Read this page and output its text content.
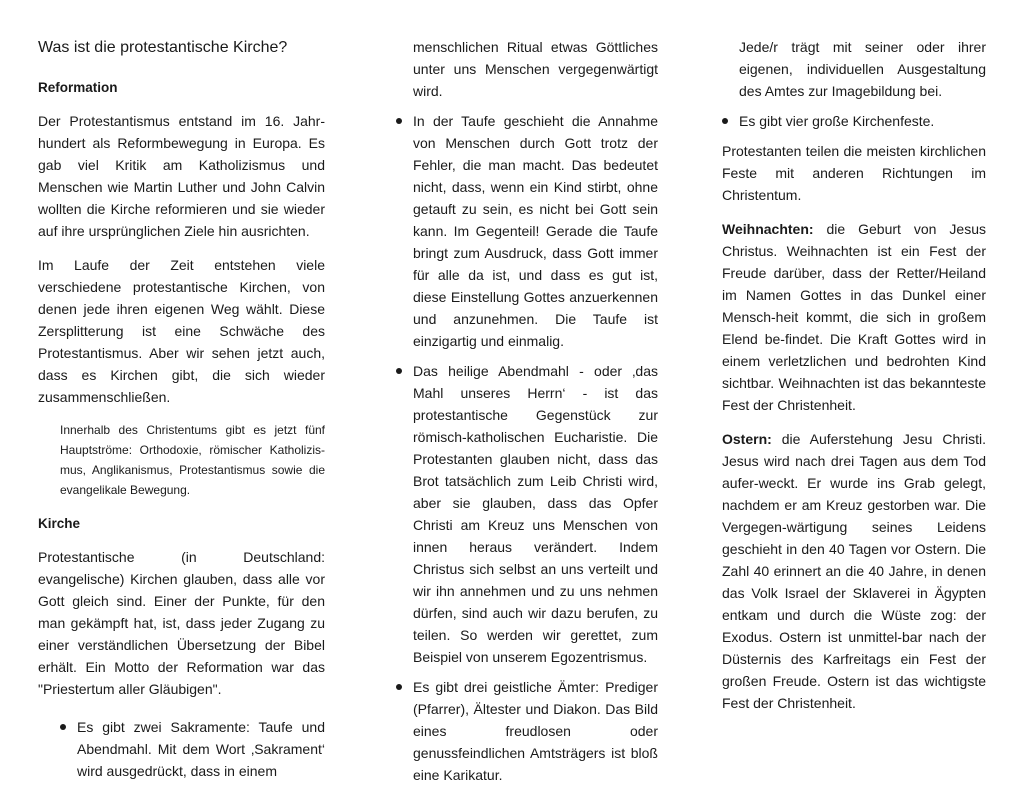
Was ist die protestantische Kirche?
Reformation

Der Protestantismus entstand im 16. Jahr-hundert als Reformbewegung in Europa. Es gab viel Kritik am Katholizismus und Menschen wie Martin Luther und John Calvin wollten die Kirche reformieren und sie wieder auf ihre ursprünglichen Ziele hin ausrichten.

Im Laufe der Zeit entstehen viele verschiedene protestantische Kirchen, von denen jede ihren eigenen Weg wählt. Diese Zersplitterung ist eine Schwäche des Protestantismus. Aber wir sehen jetzt auch, dass es Kirchen gibt, die sich wieder zusammenschließen.

Innerhalb des Christentums gibt es jetzt fünf Hauptströme: Orthodoxie, römischer Katholizis-mus, Anglikanismus, Protestantismus sowie die evangelikale Bewegung.

Kirche

Protestantische (in Deutschland: evangelische) Kirchen glauben, dass alle vor Gott gleich sind. Einer der Punkte, für den man gekämpft hat, ist, dass jeder Zugang zu einer verständlichen Übersetzung der Bibel erhält. Ein Motto der Reformation war das "Priestertum aller Gläubigen".

Es gibt zwei Sakramente: Taufe und Abendmahl. Mit dem Wort ‚Sakrament‘ wird ausgedrückt, dass in einem
menschlichen Ritual etwas Göttliches unter uns Menschen vergegenwärtigt wird.
In der Taufe geschieht die Annahme von Menschen durch Gott trotz der Fehler, die man macht. Das bedeutet nicht, dass, wenn ein Kind stirbt, ohne getauft zu sein, es nicht bei Gott sein kann. Im Gegenteil! Gerade die Taufe bringt zum Ausdruck, dass Gott immer für alle da ist, und dass es gut ist, diese Einstellung Gottes anzuerkennen und anzunehmen. Die Taufe ist einzigartig und einmalig.
Das heilige Abendmahl - oder ‚das Mahl unseres Herrn‘ - ist das protestantische Gegenstück zur römisch-katholischen Eucharistie. Die Protestanten glauben nicht, dass das Brot tatsächlich zum Leib Christi wird, aber sie glauben, dass das Opfer Christi am Kreuz uns Menschen von innen heraus verändert. Indem Christus sich selbst an uns verteilt und wir ihn annehmen und zu uns nehmen dürfen, sind auch wir dazu berufen, zu teilen. So werden wir gerettet, zum Beispiel von unserem Egozentrismus.
Es gibt drei geistliche Ämter: Prediger (Pfarrer), Ältester und Diakon. Das Bild eines freudlosen oder genussfeindlichen Amtsträgers ist bloß eine Karikatur.

Jede/r trägt mit seiner oder ihrer eigenen, individuellen Ausgestaltung des Amtes zur Imagebildung bei.

Es gibt vier große Kirchenfeste.

Protestanten teilen die meisten kirchlichen Feste mit anderen Richtungen im Christentum.

Weihnachten: die Geburt von Jesus Christus. Weihnachten ist ein Fest der Freude darüber, dass der Retter/Heiland im Namen Gottes in das Dunkel einer Mensch-heit kommt, die sich in großem Elend be-findet. Die Kraft Gottes wird in einem verletzlichen und bedrohten Kind sichtbar. Weihnachten ist das bekannteste Fest der Christenheit.

Ostern: die Auferstehung Jesu Christi. Jesus wird nach drei Tagen aus dem Tod aufer-weckt. Er wurde ins Grab gelegt, nachdem er am Kreuz gestorben war. Die Vergegen-wärtigung seines Leidens geschieht in den 40 Tagen vor Ostern. Die Zahl 40 erinnert an die 40 Jahre, in denen das Volk Israel der Sklaverei in Ägypten entkam und durch die Wüste zog: der Exodus. Ostern ist unmittel-bar nach der Düsternis des Karfreitags ein Fest der großen Freude. Ostern ist das wichtigste Fest der Christenheit.
